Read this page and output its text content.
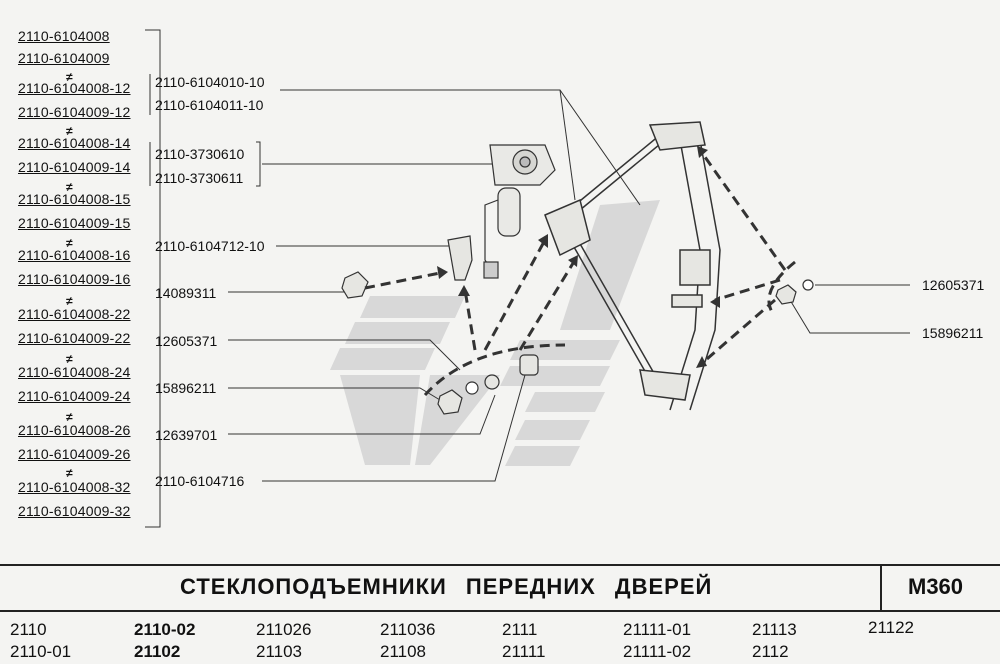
2110-6104008
2110-6104009
≠
2110-6104008-12
2110-6104009-12
≠
2110-6104008-14
2110-6104009-14
≠
2110-6104008-15
2110-6104009-15
≠
2110-6104008-16
2110-6104009-16
≠
2110-6104008-22
2110-6104009-22
≠
2110-6104008-24
2110-6104009-24
≠
2110-6104008-26
2110-6104009-26
≠
2110-6104008-32
2110-6104009-32
2110-6104010-10
2110-6104011-10
2110-3730610
2110-3730611
2110-6104712-10
14089311
12605371
15896211
12639701
2110-6104716
12605371
15896211
СТЕКЛОПОДЪЕМНИКИ ПЕРЕДНИХ ДВЕРЕЙ	M360
2110	2110-02	211026	211036	2111	21111-01	21113	21122
2110-01	21102	21103	21108	21111	21111-02	2112
